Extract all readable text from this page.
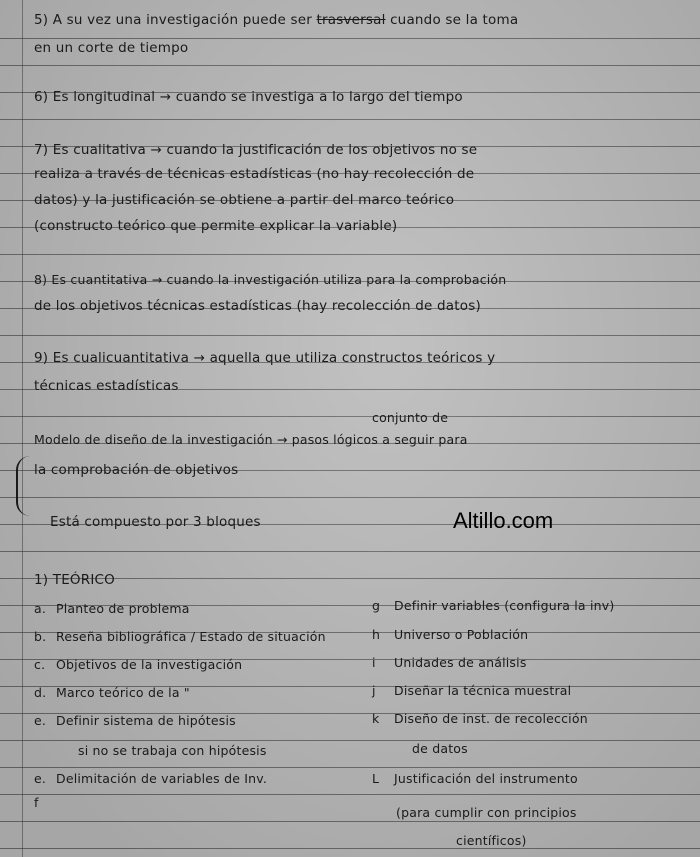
5) A su vez una investigación puede ser trasversal cuando se la toma
en un corte de tiempo
6) Es longitudinal → cuando se investiga a lo largo del tiempo
7) Es cualitativa → cuando la justificación de los objetivos no se
realiza a través de técnicas estadísticas (no hay recolección de
datos) y la justificación se obtiene a partir del marco teórico
(constructo teórico que permite explicar la variable)
8) Es cuantitativa → cuando la investigación utiliza para la comprobación
de los objetivos técnicas estadísticas (hay recolección de datos)
9) Es cualicuantitativa → aquella que utiliza constructos teóricos y
técnicas estadísticas
conjunto de
Modelo de diseño de la investigación → pasos lógicos a seguir para
la comprobación de objetivos
Está compuesto por 3 bloques	Altillo.com
1) TEÓRICO
a. Planteo de problema
b. Reseña bibliográfica / Estado de situación
c. Objetivos de la investigación
d. Marco teórico de la "
e. Definir sistema de hipótesis
si no se trabaja con hipótesis
e. Delimitación de variables de Inv.
f
g Definir variables (configura la inv)
h Universo o Población
i Unidades de análisis
j Diseñar la técnica muestral
k Diseño de inst. de recolección
de datos
L Justificación del instrumento
(para cumplir con principios
científicos)
